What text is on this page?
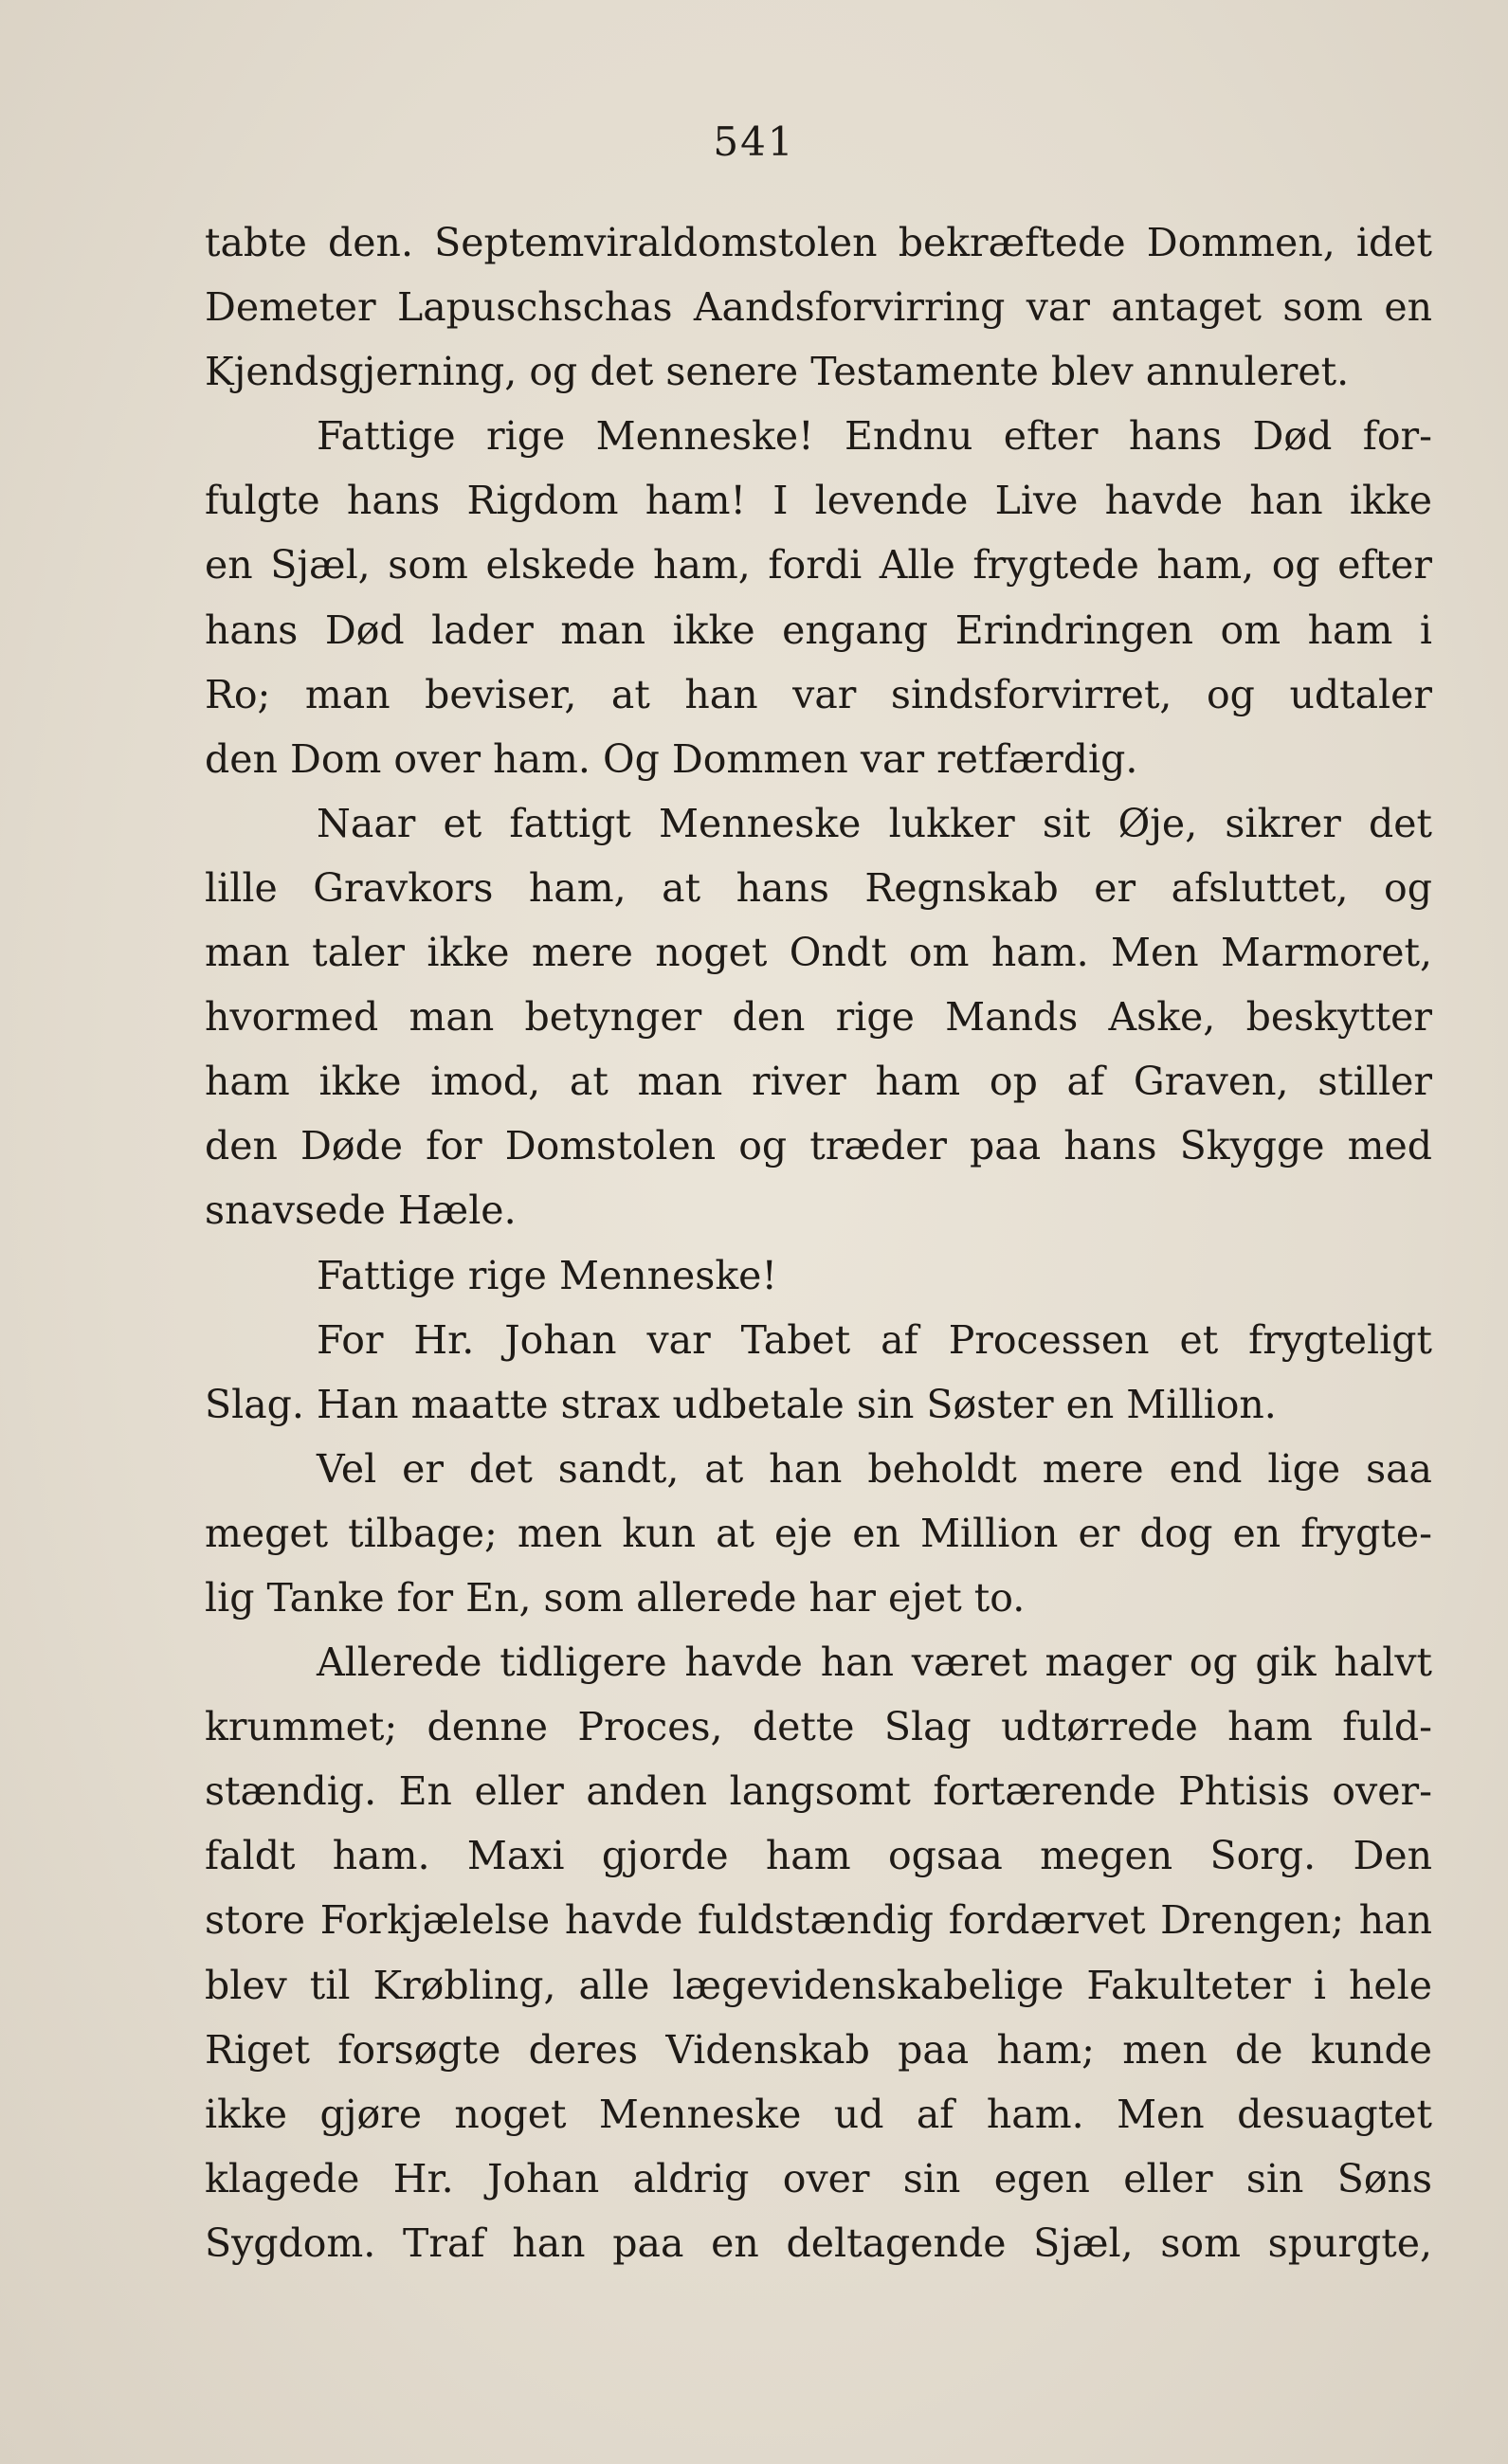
541
tabte den. Septemviraldomstolen bekræftede Dommen, idet
Demeter Lapuschschas Aandsforvirring var antaget som en
Kjendsgjerning, og det senere Testamente blev annuleret.
Fattige rige Menneske! Endnu efter hans Død for-
fulgte hans Rigdom ham! I levende Live havde han ikke
en Sjæl, som elskede ham, fordi Alle frygtede ham, og efter
hans Død lader man ikke engang Erindringen om ham i
Ro; man beviser, at han var sindsforvirret, og udtaler
den Dom over ham. Og Dommen var retfærdig.
Naar et fattigt Menneske lukker sit Øje, sikrer det
lille Gravkors ham, at hans Regnskab er afsluttet, og
man taler ikke mere noget Ondt om ham. Men Marmoret,
hvormed man betynger den rige Mands Aske, beskytter
ham ikke imod, at man river ham op af Graven, stiller
den Døde for Domstolen og træder paa hans Skygge med
snavsede Hæle.
Fattige rige Menneske!
For Hr. Johan var Tabet af Processen et frygteligt
Slag. Han maatte strax udbetale sin Søster en Million.
Vel er det sandt, at han beholdt mere end lige saa
meget tilbage; men kun at eje en Million er dog en frygte-
lig Tanke for En, som allerede har ejet to.
Allerede tidligere havde han været mager og gik halvt
krummet; denne Proces, dette Slag udtørrede ham fuld-
stændig. En eller anden langsomt fortærende Phtisis over-
faldt ham. Maxi gjorde ham ogsaa megen Sorg. Den
store Forkjælelse havde fuldstændig fordærvet Drengen; han
blev til Krøbling, alle lægevidenskabelige Fakulteter i hele
Riget forsøgte deres Videnskab paa ham; men de kunde
ikke gjøre noget Menneske ud af ham. Men desuagtet
klagede Hr. Johan aldrig over sin egen eller sin Søns
Sygdom. Traf han paa en deltagende Sjæl, som spurgte,
